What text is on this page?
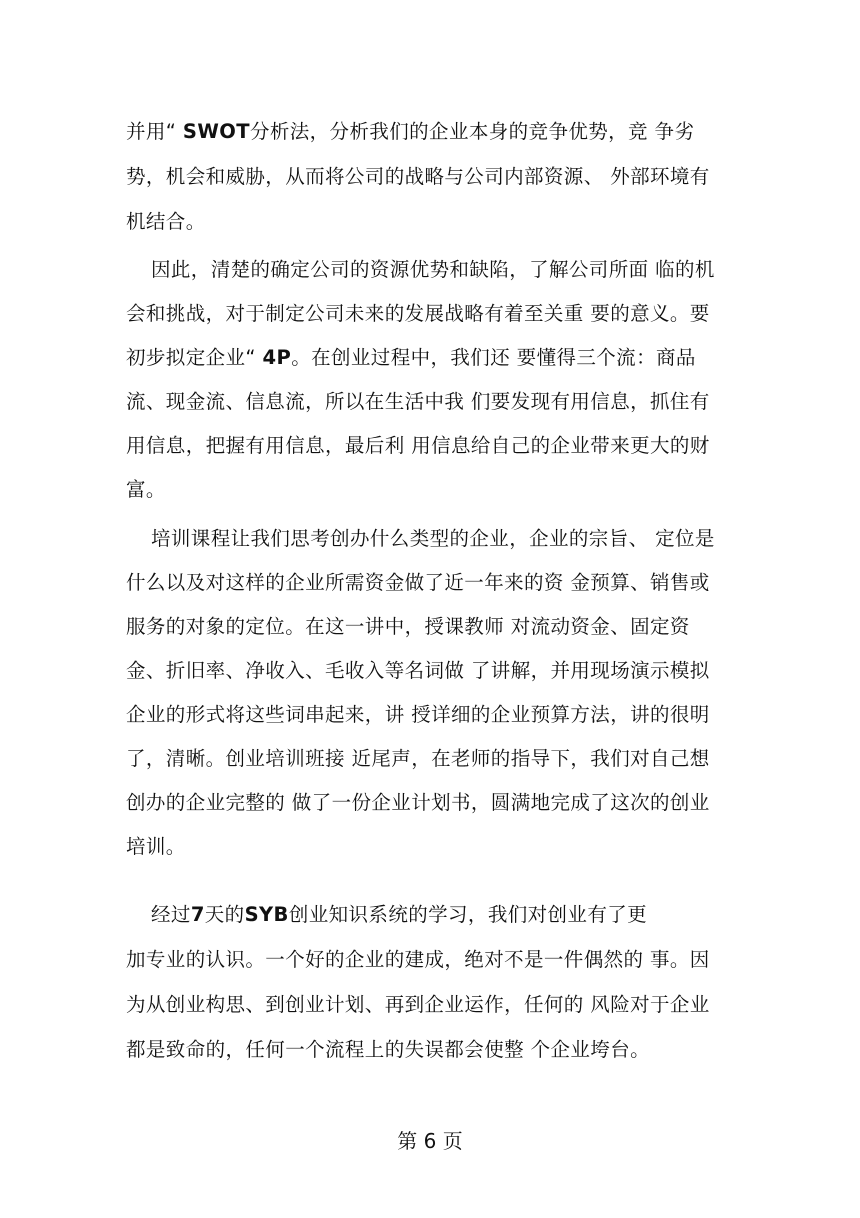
并用“ SWOT分析法，分析我们的企业本身的竞争优势，竞 争劣
势，机会和威胁，从而将公司的战略与公司内部资源、 外部环境有
机结合。
因此，清楚的确定公司的资源优势和缺陷，了解公司所面 临的机
会和挑战，对于制定公司未来的发展战略有着至关重 要的意义。要
初步拟定企业“ 4P。在创业过程中，我们还 要懂得三个流：商品
流、现金流、信息流，所以在生活中我 们要发现有用信息，抓住有
用信息，把握有用信息，最后利 用信息给自己的企业带来更大的财
富。
培训课程让我们思考创办什么类型的企业，企业的宗旨、 定位是
什么以及对这样的企业所需资金做了近一年来的资 金预算、销售或
服务的对象的定位。在这一讲中，授课教师 对流动资金、固定资
金、折旧率、净收入、毛收入等名词做 了讲解，并用现场演示模拟
企业的形式将这些词串起来，讲 授详细的企业预算方法，讲的很明
了，清晰。创业培训班接 近尾声，在老师的指导下，我们对自己想
创办的企业完整的 做了一份企业计划书，圆满地完成了这次的创业
培训。
经过7天的SYB创业知识系统的学习，我们对创业有了更
加专业的认识。一个好的企业的建成，绝对不是一件偶然的 事。因
为从创业构思、到创业计划、再到企业运作，任何的 风险对于企业
都是致命的，任何一个流程上的失误都会使整 个企业垮台。
第 6 页
